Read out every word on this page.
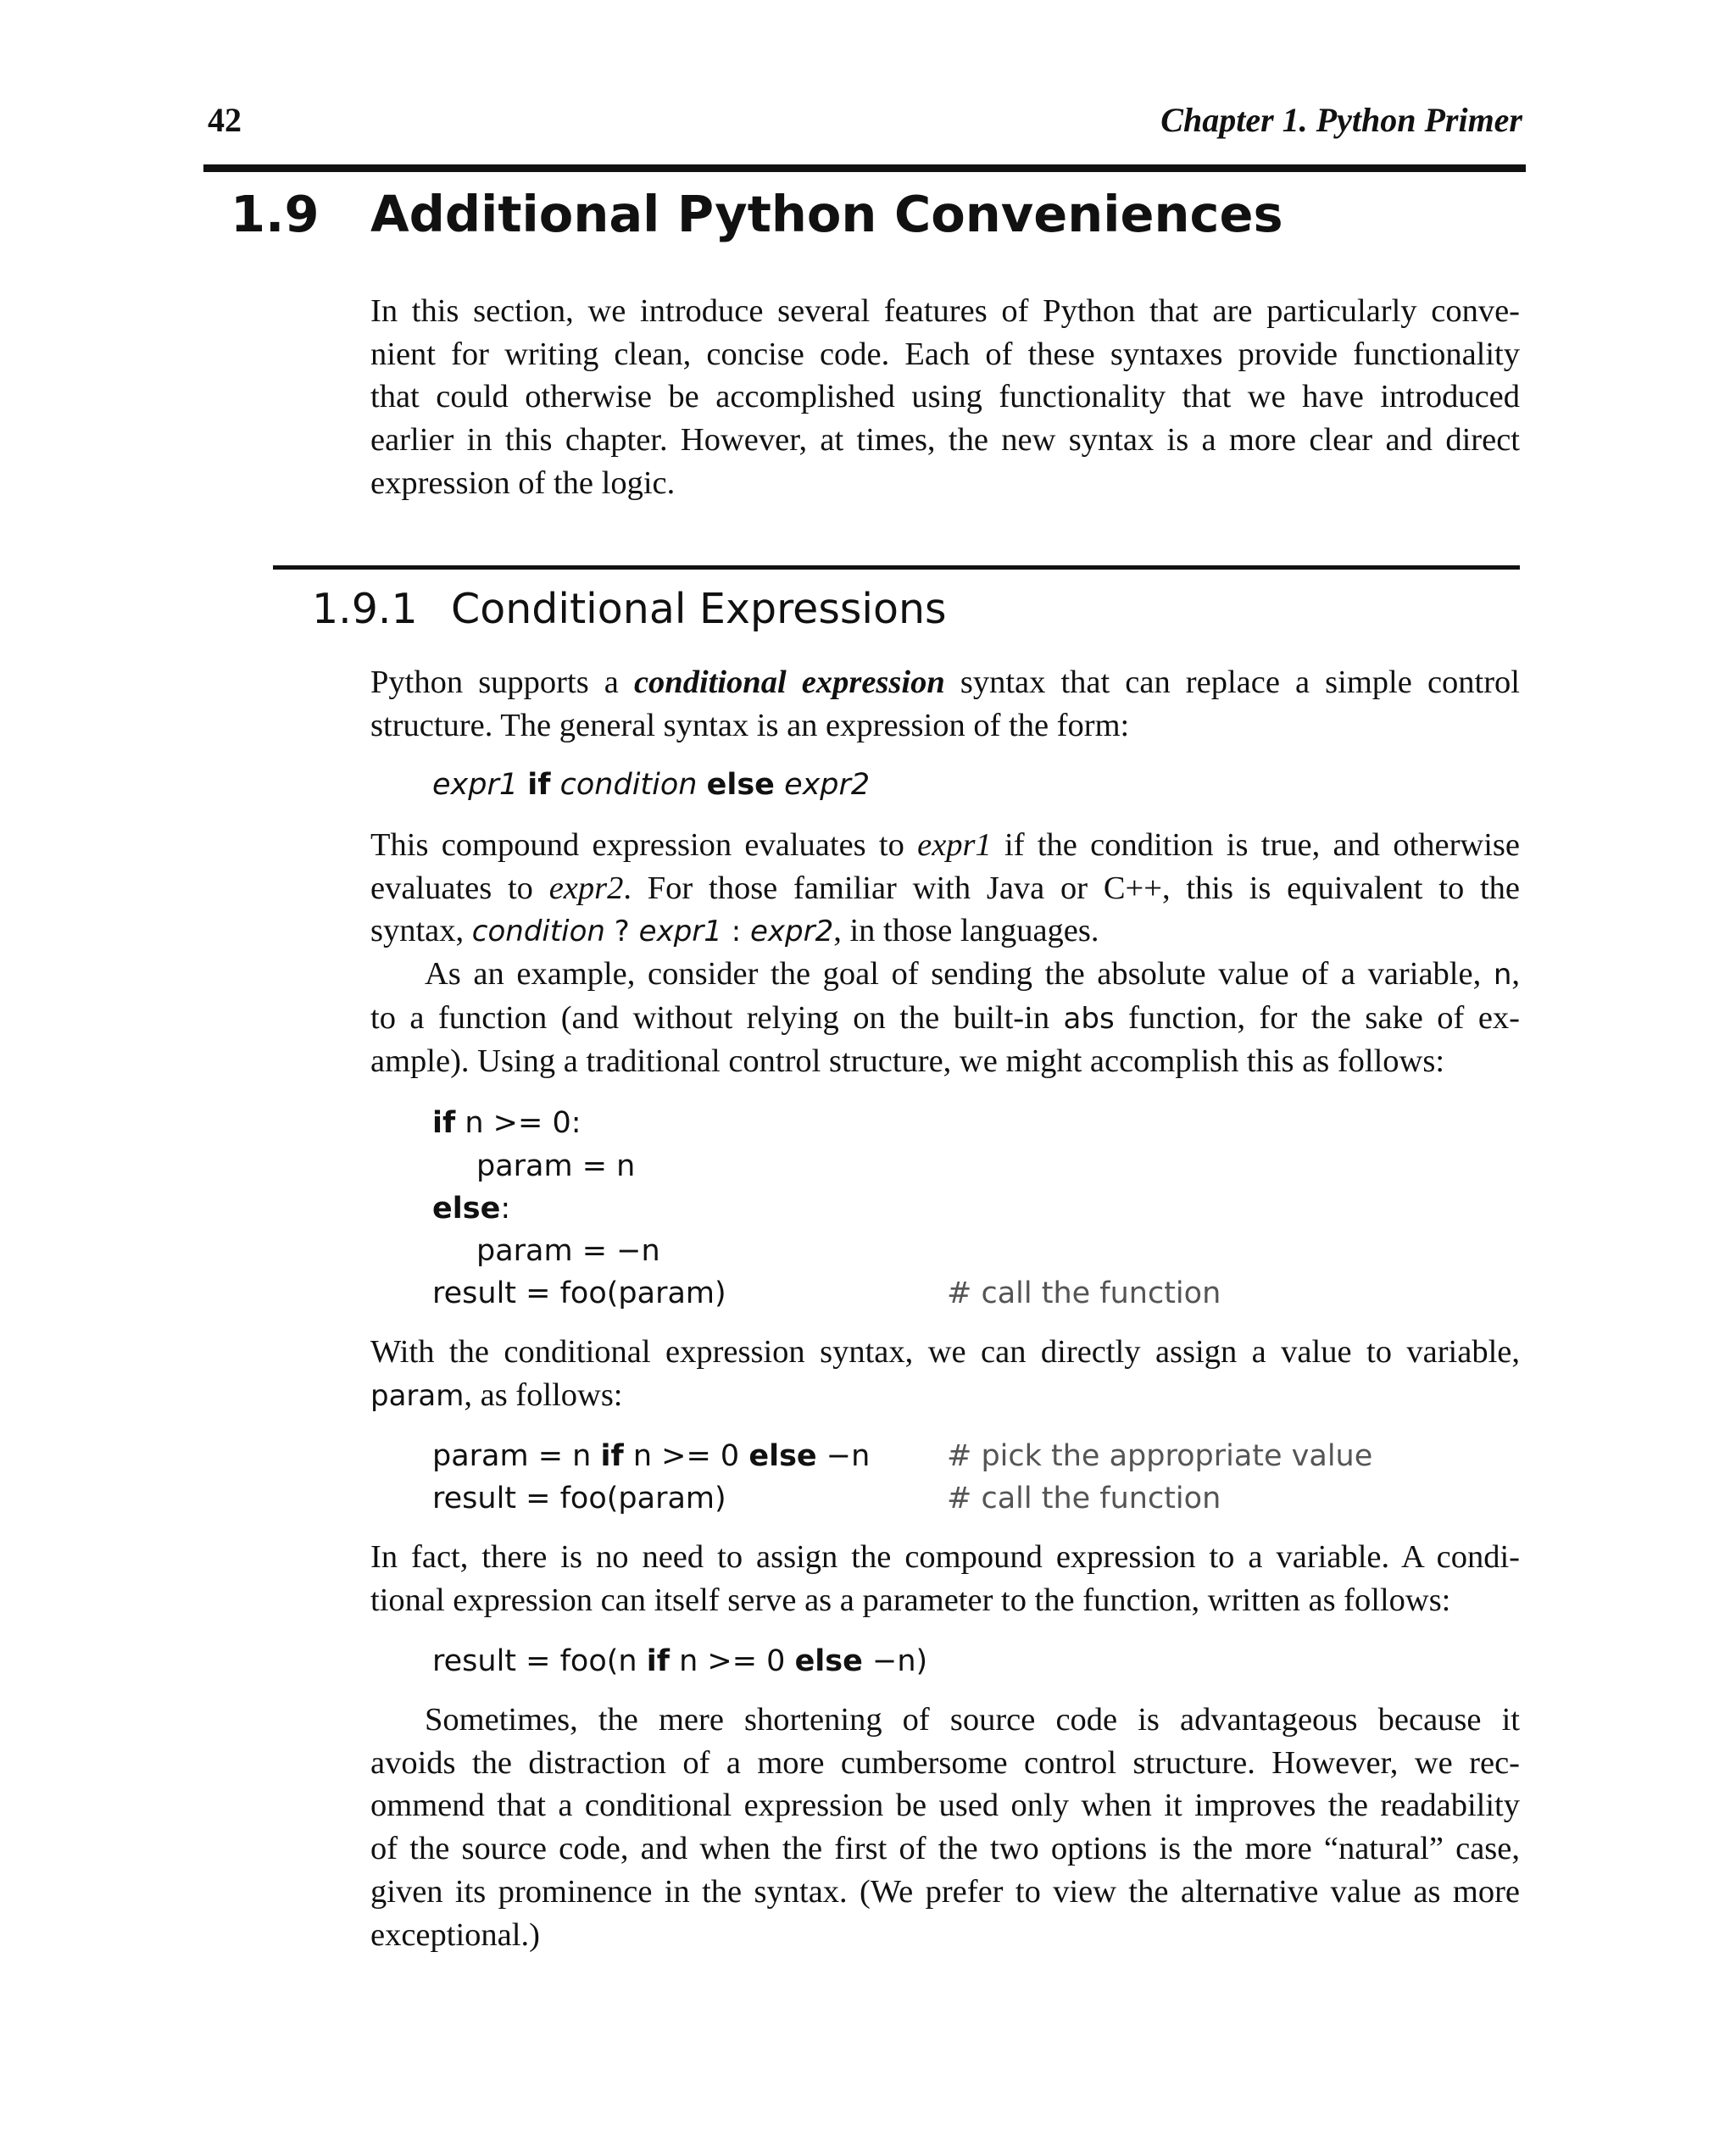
42	Chapter 1. Python Primer
1.9 Additional Python Conveniences
In this section, we introduce several features of Python that are particularly conve-
nient for writing clean, concise code. Each of these syntaxes provide functionality
that could otherwise be accomplished using functionality that we have introduced
earlier in this chapter. However, at times, the new syntax is a more clear and direct
expression of the logic.
1.9.1 Conditional Expressions
Python supports a conditional expression syntax that can replace a simple control
structure. The general syntax is an expression of the form:
expr1 if condition else expr2
This compound expression evaluates to expr1 if the condition is true, and otherwise
evaluates to expr2. For those familiar with Java or C++, this is equivalent to the
syntax, condition ? expr1 : expr2, in those languages.
As an example, consider the goal of sending the absolute value of a variable, n,
to a function (and without relying on the built-in abs function, for the sake of ex-
ample). Using a traditional control structure, we might accomplish this as follows:
if n >= 0:
param = n
else:
param = −n
result = foo(param)	# call the function
With the conditional expression syntax, we can directly assign a value to variable,
param, as follows:
param = n if n >= 0 else −n	# pick the appropriate value
result = foo(param)	# call the function
In fact, there is no need to assign the compound expression to a variable. A condi-
tional expression can itself serve as a parameter to the function, written as follows:
result = foo(n if n >= 0 else −n)
Sometimes, the mere shortening of source code is advantageous because it
avoids the distraction of a more cumbersome control structure. However, we rec-
ommend that a conditional expression be used only when it improves the readability
of the source code, and when the first of the two options is the more “natural” case,
given its prominence in the syntax. (We prefer to view the alternative value as more
exceptional.)
